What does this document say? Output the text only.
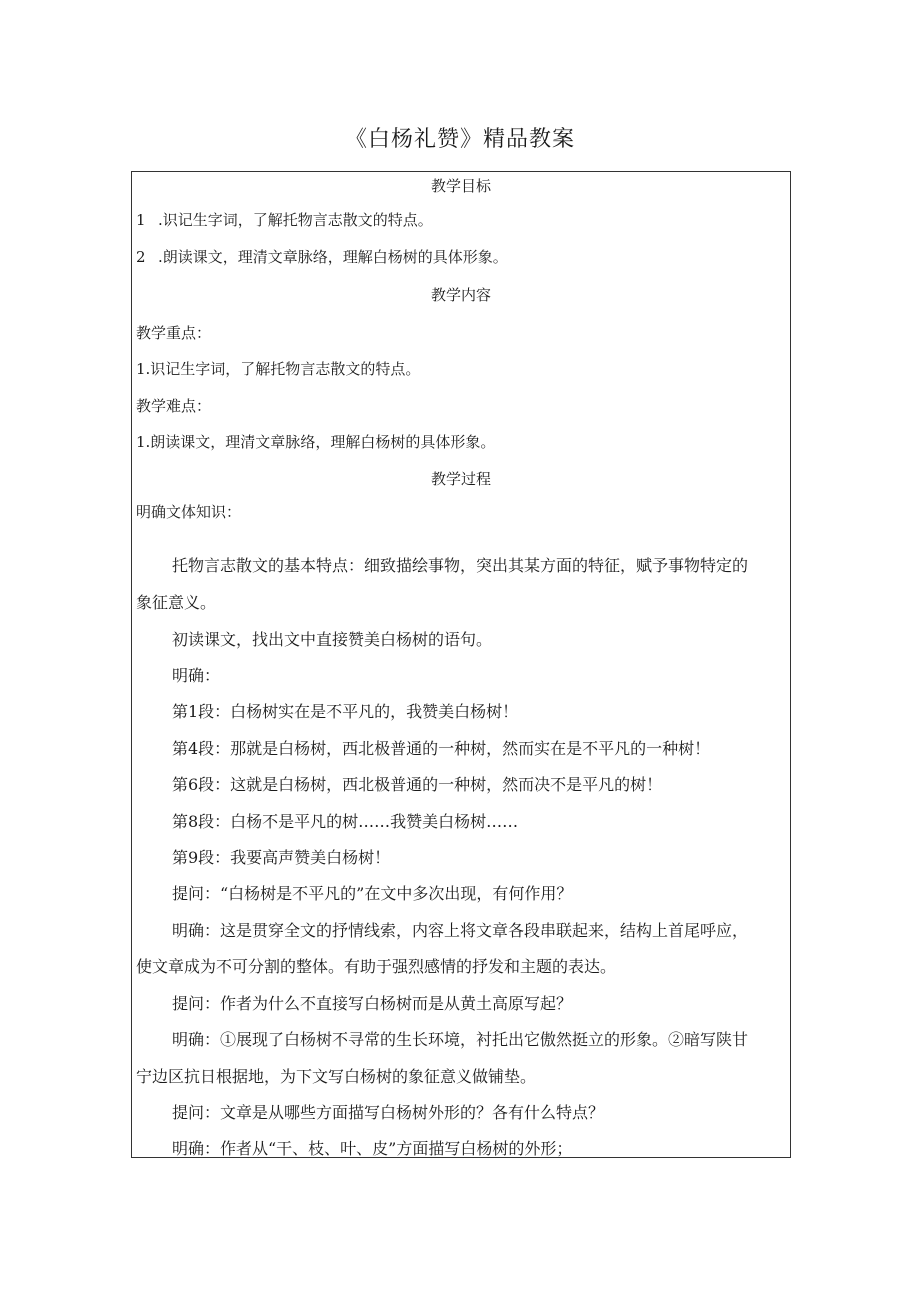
《白杨礼赞》精品教案
教学目标
1 .识记生字词，了解托物言志散文的特点。
2 .朗读课文，理清文章脉络，理解白杨树的具体形象。
教学内容
教学重点：
1.识记生字词，了解托物言志散文的特点。
教学难点：
1.朗读课文，理清文章脉络，理解白杨树的具体形象。
教学过程
明确文体知识：
托物言志散文的基本特点：细致描绘事物，突出其某方面的特征，赋予事物特定的
象征意义。
初读课文，找出文中直接赞美白杨树的语句。
明确：
第1段：白杨树实在是不平凡的，我赞美白杨树！
第4段：那就是白杨树，西北极普通的一种树，然而实在是不平凡的一种树！
第6段：这就是白杨树，西北极普通的一种树，然而决不是平凡的树！
第8段：白杨不是平凡的树……我赞美白杨树……
第9段：我要高声赞美白杨树！
提问：“白杨树是不平凡的”在文中多次出现，有何作用？
明确：这是贯穿全文的抒情线索，内容上将文章各段串联起来，结构上首尾呼应，
使文章成为不可分割的整体。有助于强烈感情的抒发和主题的表达。
提问：作者为什么不直接写白杨树而是从黄土高原写起？
明确：①展现了白杨树不寻常的生长环境，衬托出它傲然挺立的形象。②暗写陕甘
宁边区抗日根据地，为下文写白杨树的象征意义做铺垫。
提问：文章是从哪些方面描写白杨树外形的？各有什么特点？
明确：作者从“干、枝、叶、皮”方面描写白杨树的外形；
